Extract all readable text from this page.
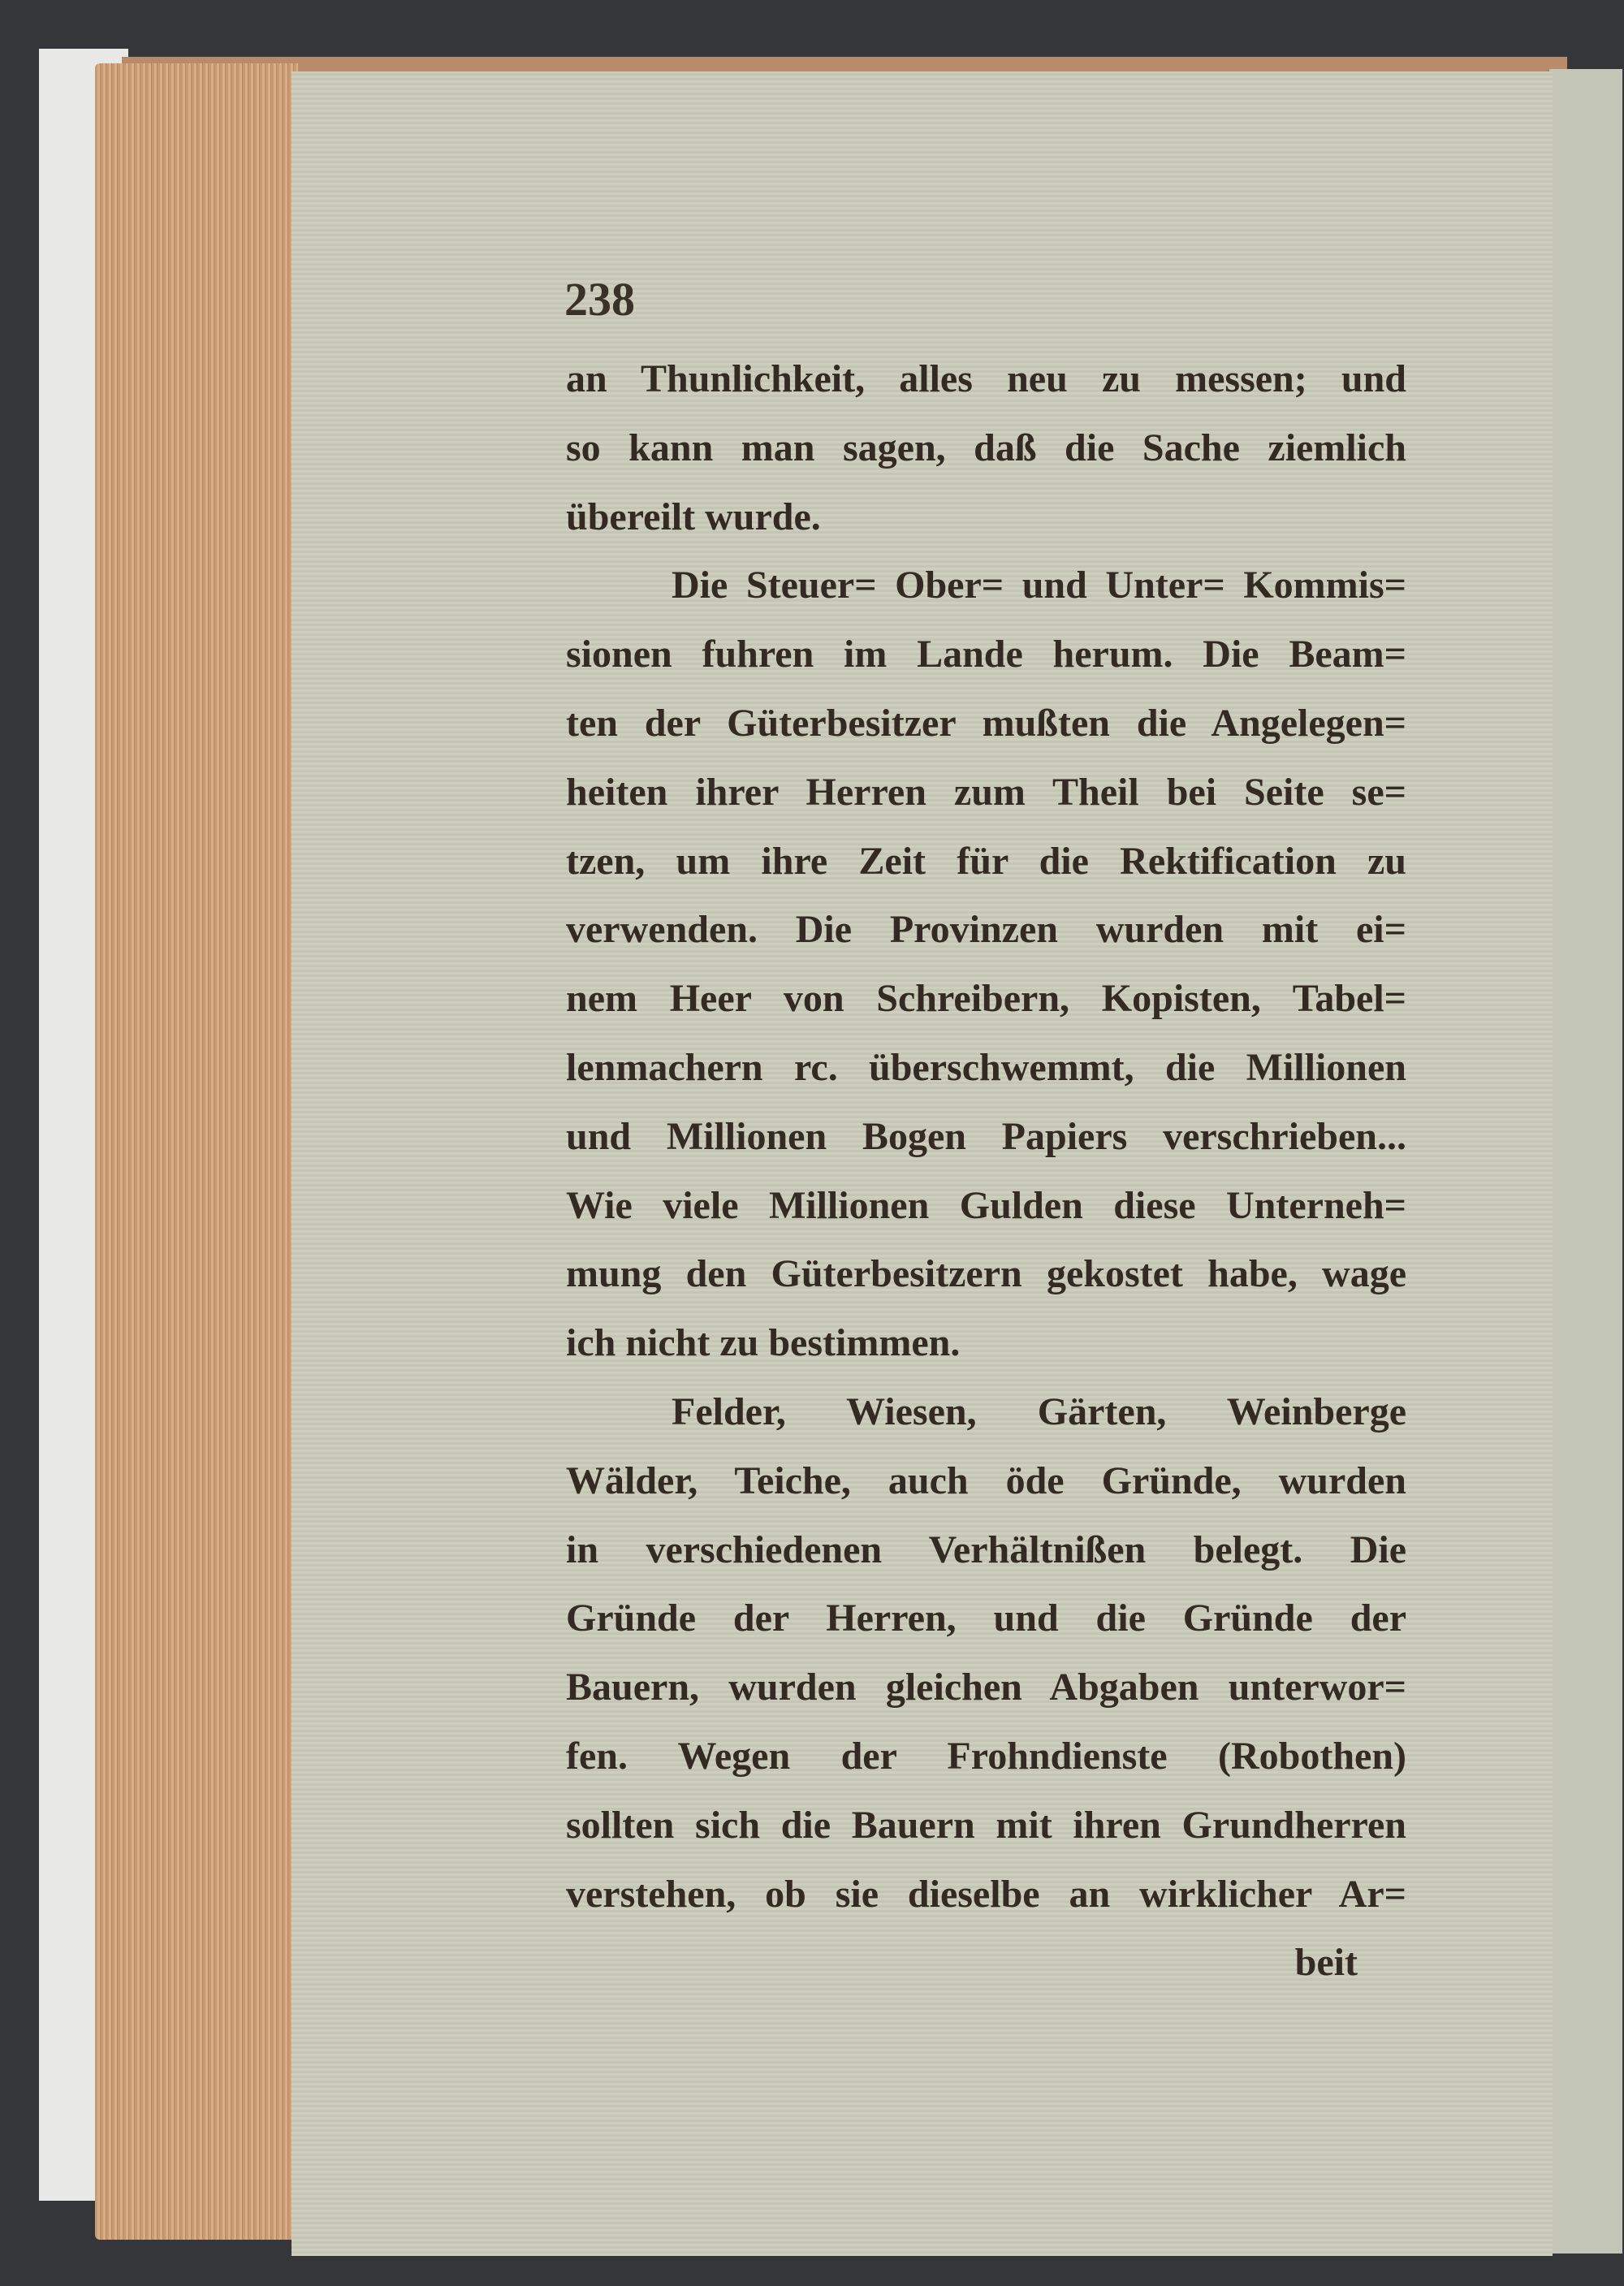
238
an Thunlichkeit, alles neu zu messen; und
so kann man sagen, daß die Sache ziemlich
übereilt wurde.
Die Steuer= Ober= und Unter= Kommis=
sionen fuhren im Lande herum. Die Beam=
ten der Güterbesitzer mußten die Angelegen=
heiten ihrer Herren zum Theil bei Seite se=
tzen, um ihre Zeit für die Rektification zu
verwenden. Die Provinzen wurden mit ei=
nem Heer von Schreibern, Kopisten, Tabel=
lenmachern rc. überschwemmt, die Millionen
und Millionen Bogen Papiers verschrieben...
Wie viele Millionen Gulden diese Unterneh=
mung den Güterbesitzern gekostet habe, wage
ich nicht zu bestimmen.
Felder, Wiesen, Gärten, Weinberge
Wälder, Teiche, auch öde Gründe, wurden
in verschiedenen Verhältnißen belegt. Die
Gründe der Herren, und die Gründe der
Bauern, wurden gleichen Abgaben unterwor=
fen. Wegen der Frohndienste (Robothen)
sollten sich die Bauern mit ihren Grundherren
verstehen, ob sie dieselbe an wirklicher Ar=
beit
